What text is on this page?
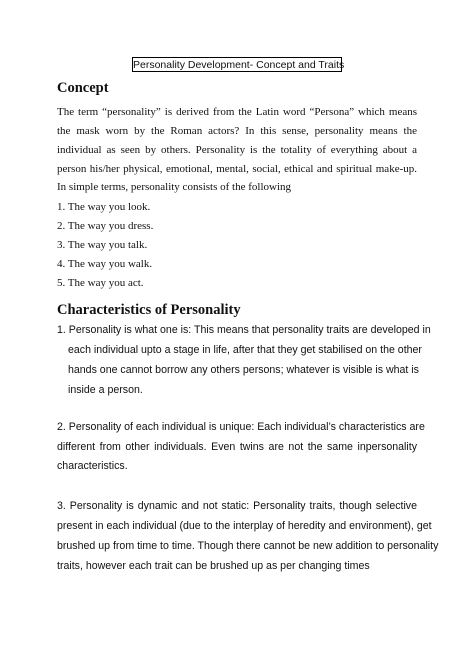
Personality Development- Concept and Traits
Concept
The term “personality” is derived from the Latin word “Persona” which means
the mask worn by the Roman actors? In this sense, personality means the
individual as seen by others. Personality is the totality of everything about a
person his/her physical, emotional, mental, social, ethical and spiritual make-up.
In simple terms, personality consists of the following
1. The way you look.
2. The way you dress.
3. The way you talk.
4. The way you walk.
5. The way you act.
Characteristics of Personality
1. Personality is what one is: This means that personality traits are developed in
each individual upto a stage in life, after that they get stabilised on the other
hands one cannot borrow any others persons; whatever is visible is what is
inside a person.
2. Personality of each individual is unique: Each individual’s characteristics are
different from other individuals. Even twins are not the same inpersonality
characteristics.
3. Personality is dynamic and not static: Personality traits, though selective
present in each individual (due to the interplay of heredity and environment), get
brushed up from time to time. Though there cannot be new addition to personality
traits, however each trait can be brushed up as per changing times
